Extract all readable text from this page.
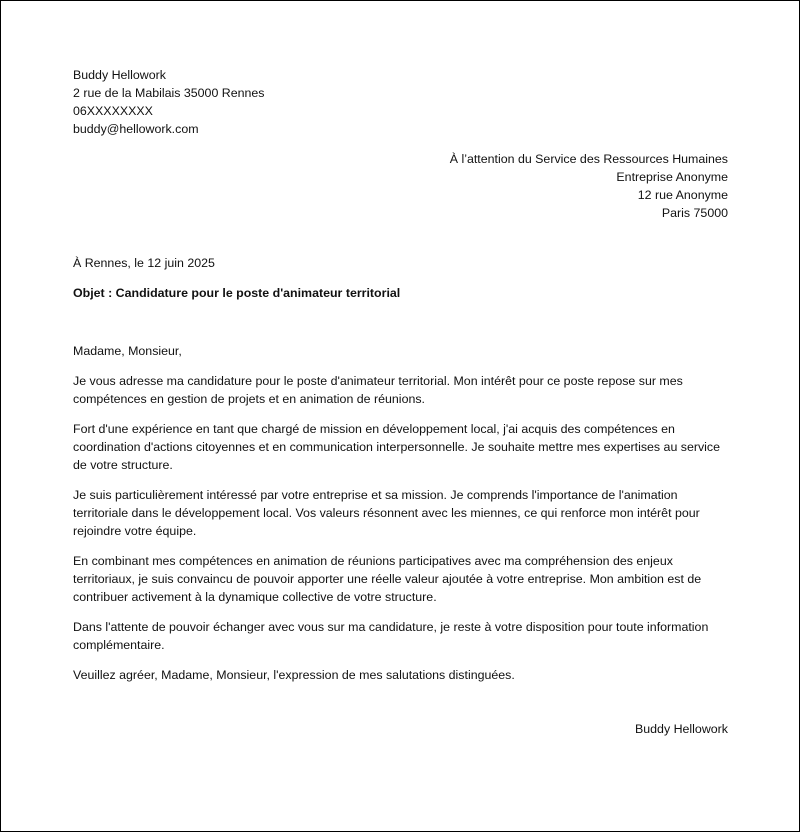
Buddy Hellowork
2 rue de la Mabilais 35000 Rennes
06XXXXXXXX
buddy@hellowork.com
À l’attention du Service des Ressources Humaines
Entreprise Anonyme
12 rue Anonyme
Paris 75000
À Rennes, le 12 juin 2025
Objet : Candidature pour le poste d'animateur territorial
Madame, Monsieur,

Je vous adresse ma candidature pour le poste d'animateur territorial. Mon intérêt pour ce poste repose sur mes compétences en gestion de projets et en animation de réunions.

Fort d'une expérience en tant que chargé de mission en développement local, j'ai acquis des compétences en coordination d'actions citoyennes et en communication interpersonnelle. Je souhaite mettre mes expertises au service de votre structure.

Je suis particulièrement intéressé par votre entreprise et sa mission. Je comprends l'importance de l'animation territoriale dans le développement local. Vos valeurs résonnent avec les miennes, ce qui renforce mon intérêt pour rejoindre votre équipe.

En combinant mes compétences en animation de réunions participatives avec ma compréhension des enjeux territoriaux, je suis convaincu de pouvoir apporter une réelle valeur ajoutée à votre entreprise. Mon ambition est de contribuer activement à la dynamique collective de votre structure.

Dans l'attente de pouvoir échanger avec vous sur ma candidature, je reste à votre disposition pour toute information complémentaire.

Veuillez agréer, Madame, Monsieur, l'expression de mes salutations distinguées.

Buddy Hellowork
